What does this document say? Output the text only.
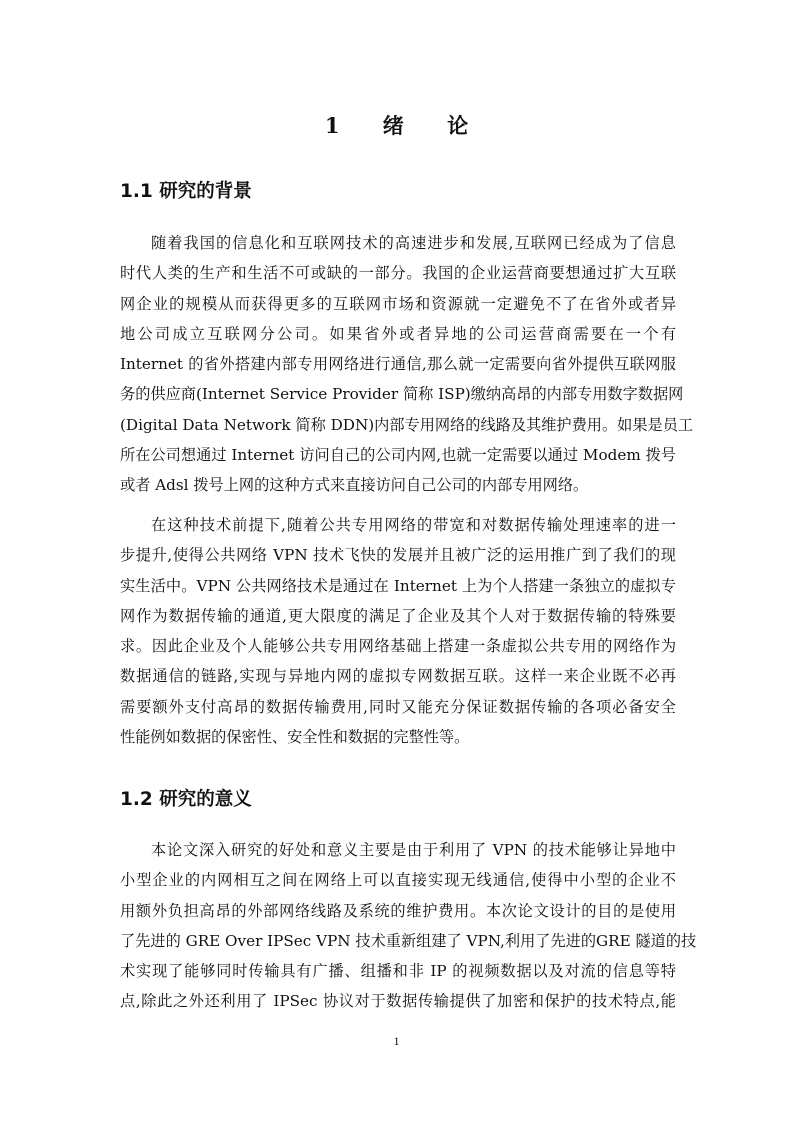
1 绪 论
1.1 研究的背景
随着我国的信息化和互联网技术的高速进步和发展,互联网已经成为了信息
时代人类的生产和生活不可或缺的一部分。我国的企业运营商要想通过扩大互联
网企业的规模从而获得更多的互联网市场和资源就一定避免不了在省外或者异
地公司成立互联网分公司。如果省外或者异地的公司运营商需要在一个有
Internet 的省外搭建内部专用网络进行通信,那么就一定需要向省外提供互联网服
务的供应商(Internet Service Provider 简称 ISP)缴纳高昂的内部专用数字数据网
(Digital Data Network 简称 DDN)内部专用网络的线路及其维护费用。如果是员工
所在公司想通过 Internet 访问自己的公司内网,也就一定需要以通过 Modem 拨号
或者 Adsl 拨号上网的这种方式来直接访问自己公司的内部专用网络。
在这种技术前提下,随着公共专用网络的带宽和对数据传输处理速率的进一
步提升,使得公共网络 VPN 技术飞快的发展并且被广泛的运用推广到了我们的现
实生活中。VPN 公共网络技术是通过在 Internet 上为个人搭建一条独立的虚拟专
网作为数据传输的通道,更大限度的满足了企业及其个人对于数据传输的特殊要
求。因此企业及个人能够公共专用网络基础上搭建一条虚拟公共专用的网络作为
数据通信的链路,实现与异地内网的虚拟专网数据互联。这样一来企业既不必再
需要额外支付高昂的数据传输费用,同时又能充分保证数据传输的各项必备安全
性能例如数据的保密性、安全性和数据的完整性等。
1.2 研究的意义
本论文深入研究的好处和意义主要是由于利用了 VPN 的技术能够让异地中
小型企业的内网相互之间在网络上可以直接实现无线通信,使得中小型的企业不
用额外负担高昂的外部网络线路及系统的维护费用。本次论文设计的目的是使用
了先进的 GRE Over IPSec VPN 技术重新组建了 VPN,利用了先进的GRE 隧道的技
术实现了能够同时传输具有广播、组播和非 IP 的视频数据以及对流的信息等特
点,除此之外还利用了 IPSec 协议对于数据传输提供了加密和保护的技术特点,能
1
